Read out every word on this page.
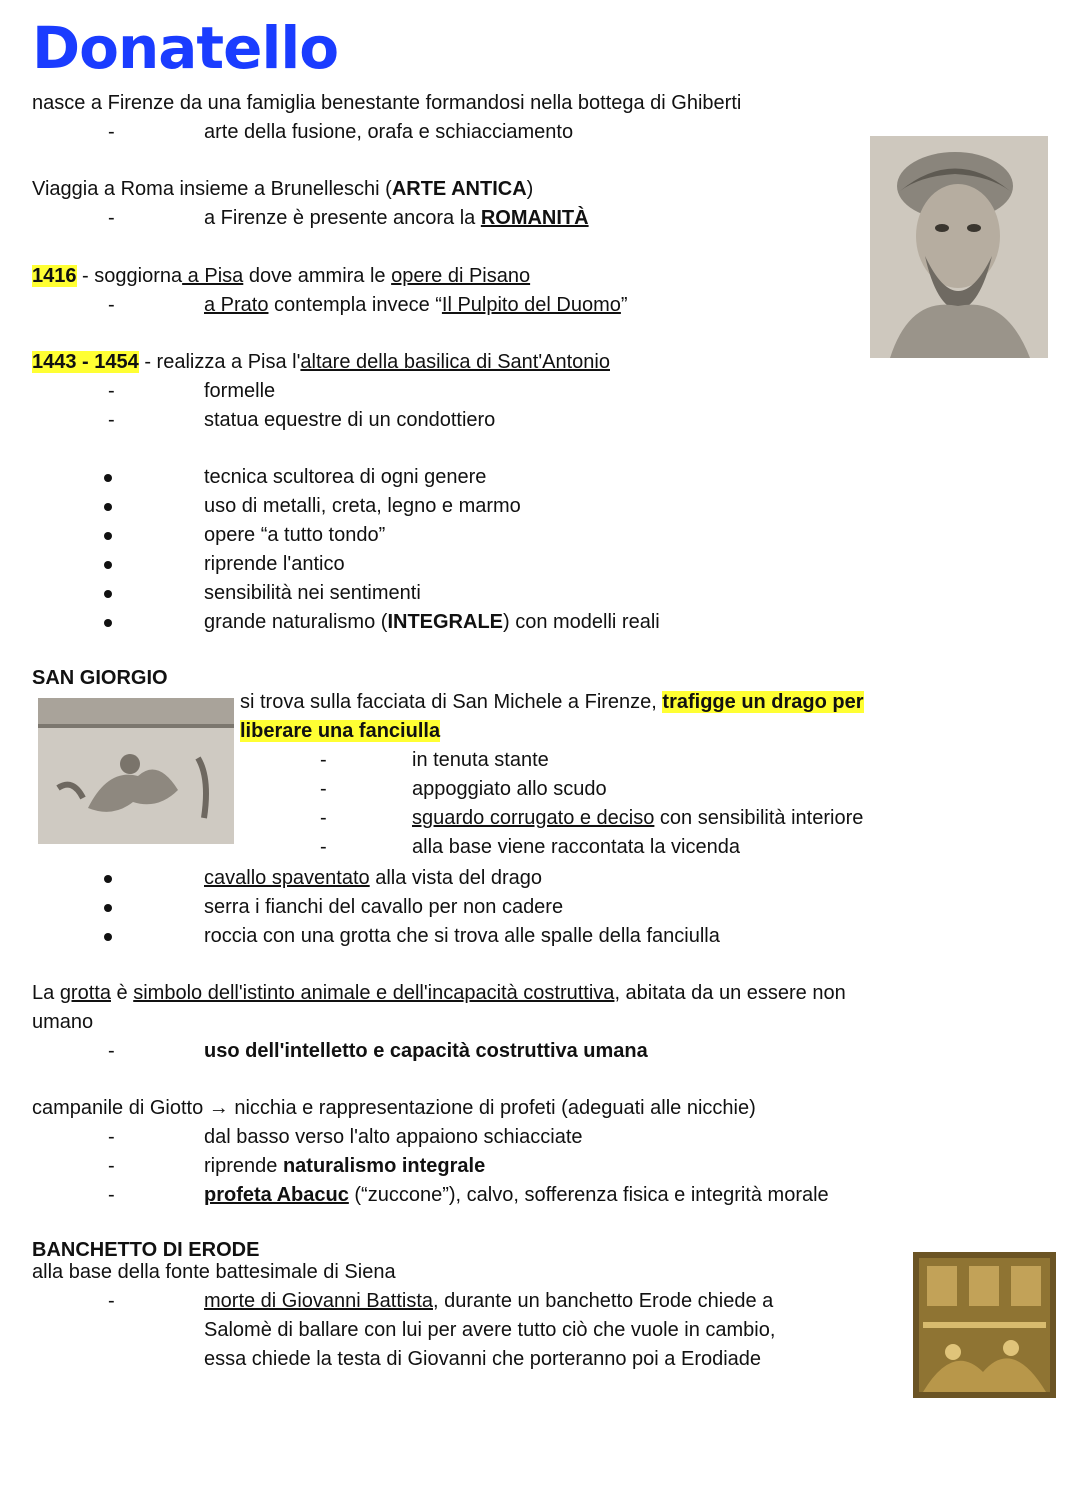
Donatello
nasce a Firenze da una famiglia benestante formandosi nella bottega di Ghiberti
-	arte della fusione, orafa e schiacciamento
Viaggia a Roma insieme a Brunelleschi (ARTE ANTICA)
-	a Firenze è presente ancora la ROMANITÀ
1416 - soggiorna a Pisa dove ammira le opere di Pisano
-	a Prato contempla invece “Il Pulpito del Duomo”
1443 - 1454 - realizza a Pisa l'altare della basilica di Sant'Antonio
-	formelle
-	statua equestre di un condottiero
tecnica scultorea di ogni genere
uso di metalli, creta, legno e marmo
opere “a tutto tondo”
riprende l'antico
sensibilità nei sentimenti
grande naturalismo (INTEGRALE) con modelli reali
SAN GIORGIO
si trova sulla facciata di San Michele a Firenze, trafigge un drago per
liberare una fanciulla
-	in tenuta stante
-	appoggiato allo scudo
-	sguardo corrugato e deciso con sensibilità interiore
-	alla base viene raccontata la vicenda
cavallo spaventato alla vista del drago
serra i fianchi del cavallo per non cadere
roccia con una grotta che si trova alle spalle della fanciulla
La grotta è simbolo dell'istinto animale e dell'incapacità costruttiva, abitata da un essere non
umano
-	uso dell'intelletto e capacità costruttiva umana
campanile di Giotto → nicchia e rappresentazione di profeti (adeguati alle nicchie)
-	dal basso verso l'alto appaiono schiacciate
-	riprende naturalismo integrale
-	profeta Abacuc (“zuccone”), calvo, sofferenza fisica e integrità morale
BANCHETTO DI ERODE
alla base della fonte battesimale di Siena
-	morte di Giovanni Battista, durante un banchetto Erode chiede a
Salomè di ballare con lui per avere tutto ciò che vuole in cambio,
essa chiede la testa di Giovanni che porteranno poi a Erodiade
